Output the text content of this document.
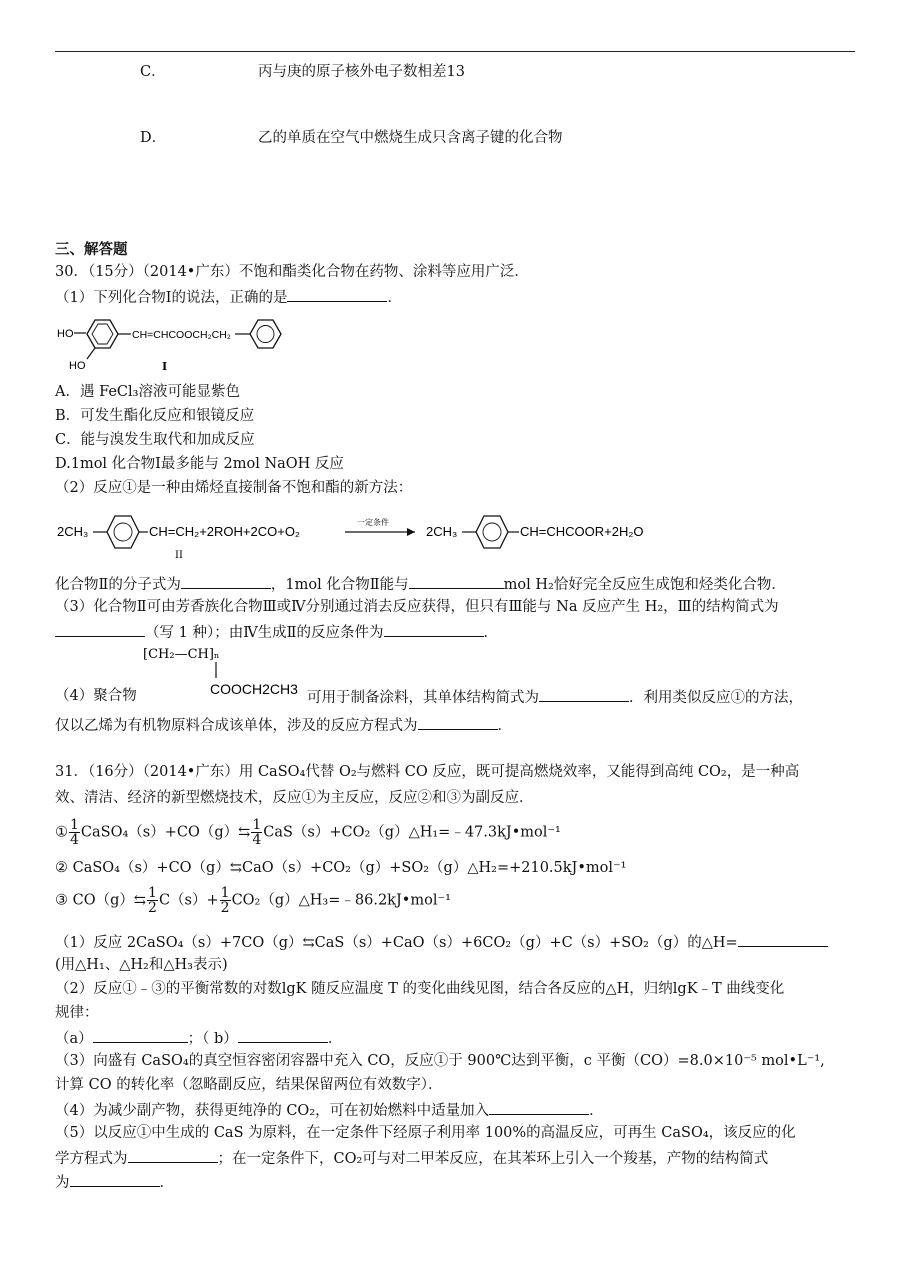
C．	丙与庚的原子核外电子数相差13
D．	乙的单质在空气中燃烧生成只含离子键的化合物
三、解答题
30．（15分）（2014•广东）不饱和酯类化合物在药物、涂料等应用广泛．
（1）下列化合物Ⅰ的说法，正确的是	．
HO
HO
CH=CHCOOCH₂CH₂
Ⅰ
A．遇 FeCl₃溶液可能显紫色
B．可发生酯化反应和银镜反应
C．能与溴发生取代和加成反应
D.1mol 化合物Ⅰ最多能与 2mol NaOH 反应
（2）反应①是一种由烯烃直接制备不饱和酯的新方法：
2CH₃	CH=CH₂+2ROH+2CO+O₂
II
一定条件
2CH₃	CH=CHCOOR+2H₂O
化合物Ⅱ的分子式为	，1mol 化合物Ⅱ能与	mol H₂恰好完全反应生成饱和烃类化合物．
（3）化合物Ⅱ可由芳香族化合物Ⅲ或Ⅳ分别通过消去反应获得，但只有Ⅲ能与 Na 反应产生 H₂，Ⅲ的结构简式为
（写 1 种）；由Ⅳ生成Ⅱ的反应条件为	．
[CH₂—CH]ₙ
COOCH2CH3
（4）聚合物	可用于制备涂料，其单体结构简式为	．利用类似反应①的方法，
仅以乙烯为有机物原料合成该单体，涉及的反应方程式为	．
31．（16分）（2014•广东）用 CaSO₄代替 O₂与燃料 CO 反应，既可提高燃烧效率，又能得到高纯 CO₂，是一种高
效、清洁、经济的新型燃烧技术，反应①为主反应，反应②和③为副反应．
① $\frac{1}{4}$ CaSO₄（s）+CO（g）⇆ $\frac{1}{4}$ CaS（s）+CO₂（g）△H₁=﹣47.3kJ•mol⁻¹
② CaSO₄（s）+CO（g）⇆CaO（s）+CO₂（g）+SO₂（g）△H₂=+210.5kJ•mol⁻¹
③ CO（g）⇆ $\frac{1}{2} C(s)+ \frac{1}{2}$ CO₂（g）△H₃=﹣86.2kJ•mol⁻¹
（1）反应 2CaSO₄（s）+7CO（g）⇆CaS（s）+CaO（s）+6CO₂（g）+C（s）+SO₂（g）的△H=
(用△H₁、△H₂和△H₃表示)
（2）反应①﹣③的平衡常数的对数lgK 随反应温度 T 的变化曲线见图，结合各反应的△H，归纳lgK﹣T 曲线变化
规律：
（a）	；（ b）	．
（3）向盛有 CaSO₄的真空恒容密闭容器中充入 CO，反应①于 900℃达到平衡，c 平衡（CO）=8.0×10⁻⁵ mol•L⁻¹,
计算 CO 的转化率（忽略副反应，结果保留两位有效数字）．
（4）为减少副产物，获得更纯净的 CO₂，可在初始燃料中适量加入	．
（5）以反应①中生成的 CaS 为原料，在一定条件下经原子利用率 100%的高温反应，可再生 CaSO₄，该反应的化
学方程式为	；在一定条件下，CO₂可与对二甲苯反应，在其苯环上引入一个羧基，产物的结构简式
为	．
